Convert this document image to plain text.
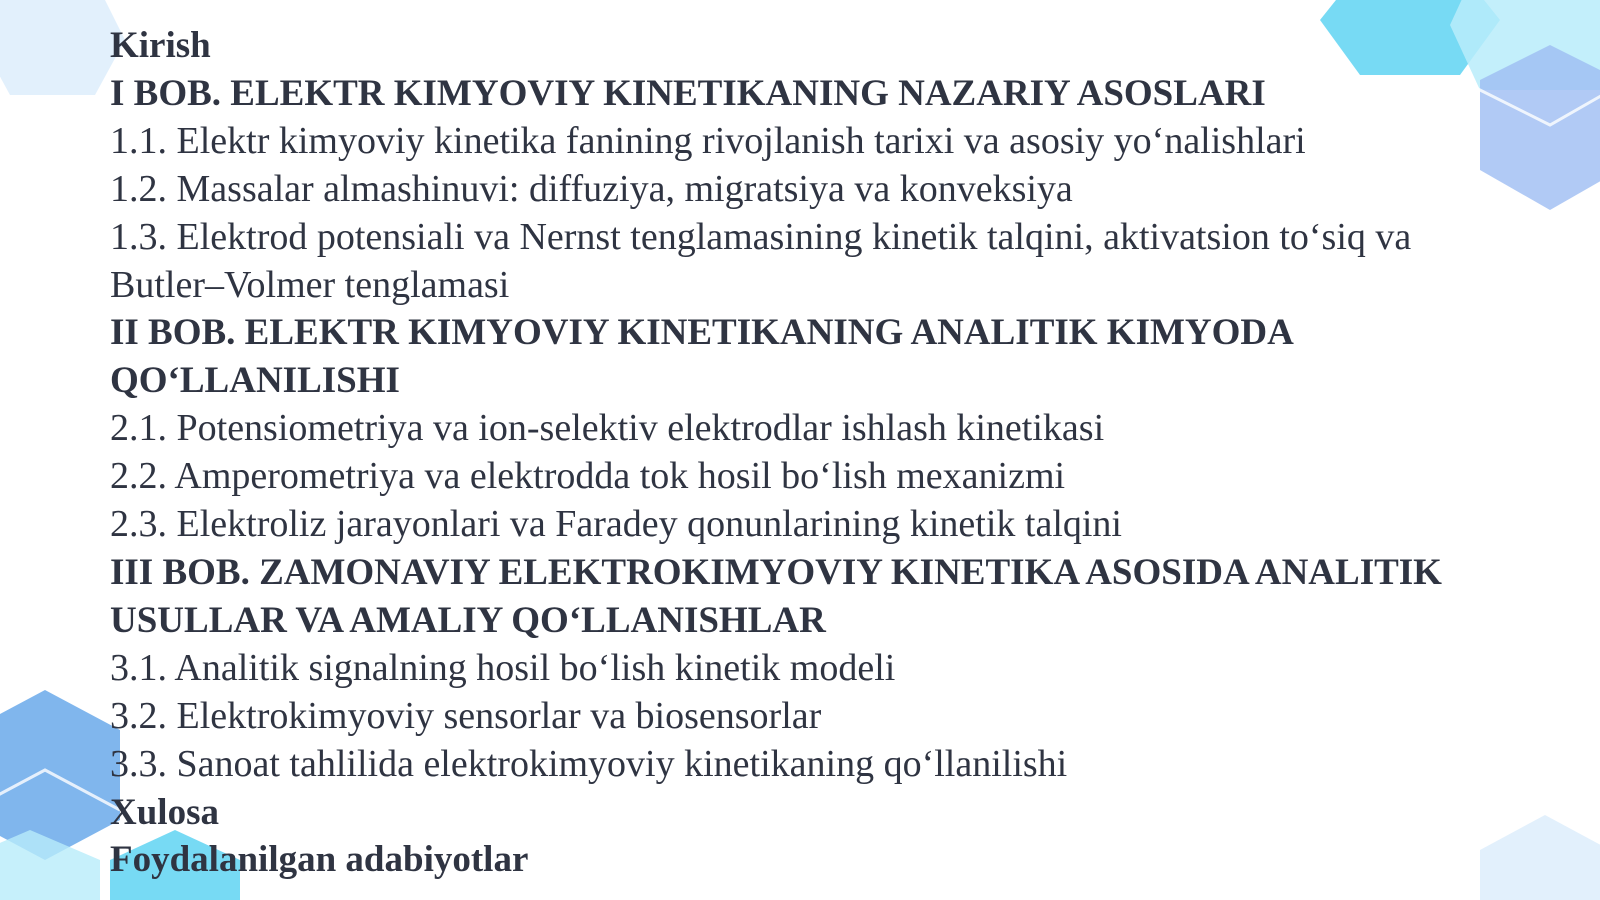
Kirish

I BOB. ELEKTR KIMYOVIY KINETIKANING NAZARIY ASOSLARI

1.1. Elektr kimyoviy kinetika fanining rivojlanish tarixi va asosiy yo‘nalishlari

1.2. Massalar almashinuvi: diffuziya, migratsiya va konveksiya

1.3. Elektrod potensiali va Nernst tenglamasining kinetik talqini, aktivatsion to‘siq va Butler–Volmer tenglamasi

II BOB. ELEKTR KIMYOVIY KINETIKANING ANALITIK KIMYODA QO‘LLANILISHI

2.1. Potensiometriya va ion-selektiv elektrodlar ishlash kinetikasi

2.2. Amperometriya va elektrodda tok hosil bo‘lish mexanizmi

2.3. Elektroliz jarayonlari va Faradey qonunlarining kinetik talqini

III BOB. ZAMONAVIY ELEKTROKIMYOVIY KINETIKA ASOSIDA ANALITIK USULLAR VA AMALIY QO‘LLANISHLAR

3.1. Analitik signalning hosil bo‘lish kinetik modeli

3.2. Elektrokimyoviy sensorlar va biosensorlar

3.3. Sanoat tahlilida elektrokimyoviy kinetikaning qo‘llanilishi

Xulosa

Foydalanilgan adabiyotlar
